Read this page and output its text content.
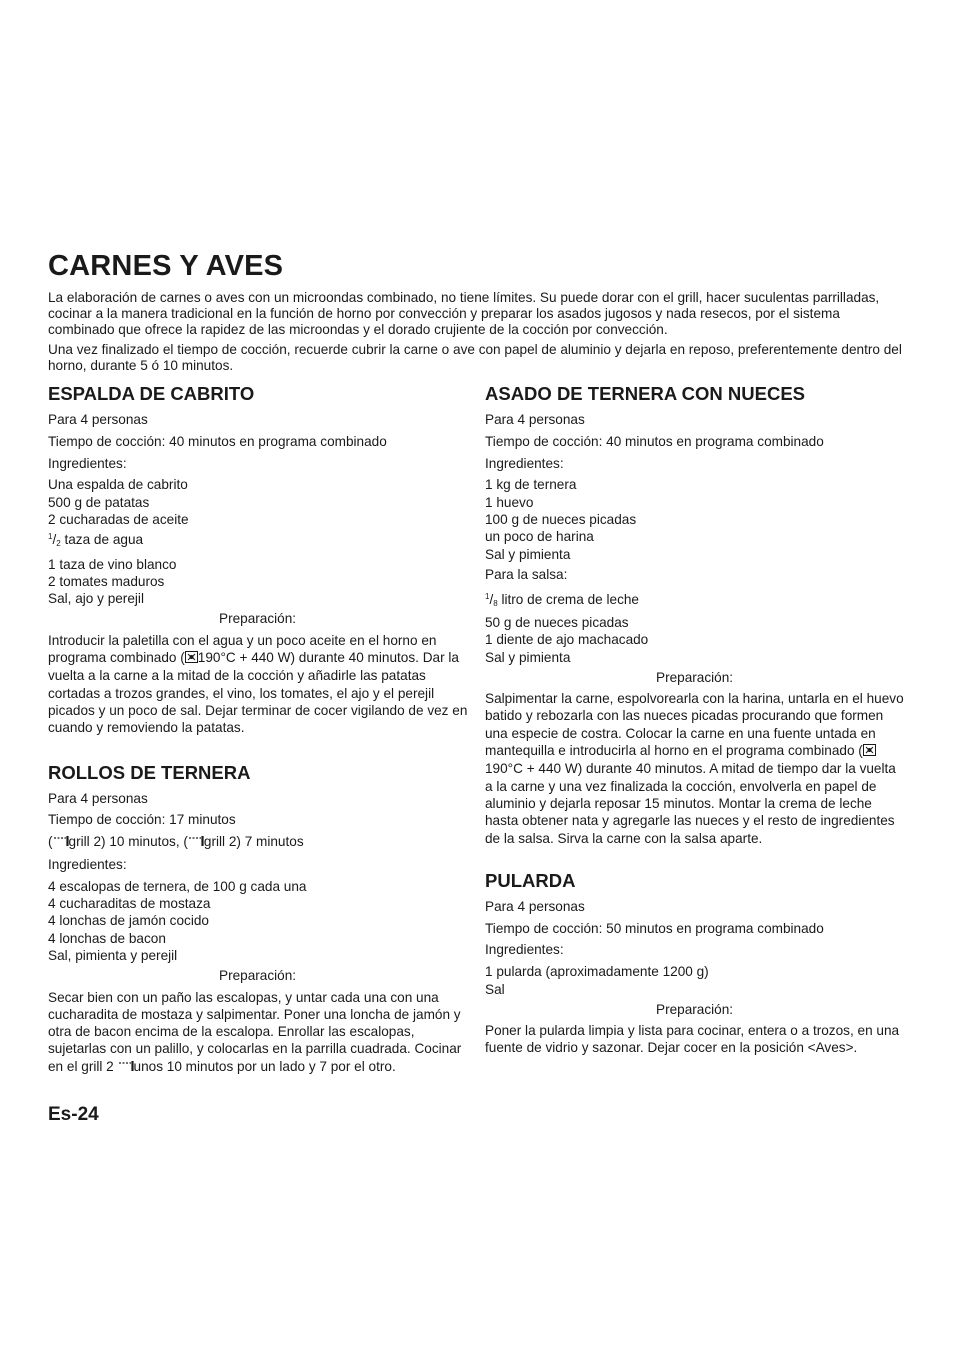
CARNES Y AVES

La elaboración de carnes o aves con un microondas combinado, no tiene límites. Su puede dorar con el grill, hacer suculentas parrilladas, cocinar a la manera tradicional en la función de horno por convección y preparar los asados jugosos y nada resecos, por el sistema combinado que ofrece la rapidez de las microondas y el dorado crujiente de la cocción por convección.

Una vez finalizado el tiempo de cocción, recuerde cubrir la carne o ave con papel de aluminio y dejarla en reposo, preferentemente dentro del horno, durante 5 ó 10 minutos.

ESPALDA DE CABRITO

Para 4 personas

Tiempo de cocción: 40 minutos en programa combinado

Ingredientes:

Una espalda de cabrito
500 g de patatas
2 cucharadas de aceite
$^1/_2$ taza de agua
1 taza de vino blanco
2 tomates maduros
Sal, ajo y perejil

Preparación:

Introducir la paletilla con el agua y un poco aceite en el horno en programa combinado ( 190°C + 440 W) durante 40 minutos. Dar la vuelta a la carne a la mitad de la cocción y añadirle las patatas cortadas a trozos grandes, el vino, los tomates, el ajo y el perejil picados y un poco de sal. Dejar terminar de cocer vigilando de vez en cuando y removiendo la patatas.

ROLLOS DE TERNERA

Para 4 personas

Tiempo de cocción: 17 minutos

( grill 2) 10 minutos, ( grill 2) 7 minutos

Ingredientes:

4 escalopas de ternera, de 100 g cada una
4 cucharaditas de mostaza
4 lonchas de jamón cocido
4 lonchas de bacon
Sal, pimienta y perejil

Preparación:

Secar bien con un paño las escalopas, y untar cada una con una cucharadita de mostaza y salpimentar. Poner una loncha de jamón y otra de bacon encima de la escalopa. Enrollar las escalopas, sujetarlas con un palillo, y colocarlas en la parrilla cuadrada. Cocinar en el grill 2 unos 10 minutos por un lado y 7 por el otro.

ASADO DE TERNERA CON NUECES

Para 4 personas

Tiempo de cocción: 40 minutos en programa combinado

Ingredientes:

1 kg de ternera
1 huevo
100 g de nueces picadas
un poco de harina
Sal y pimienta

Para la salsa:

$^1/_8$ litro de crema de leche
50 g de nueces picadas
1 diente de ajo machacado
Sal y pimienta

Preparación:

Salpimentar la carne, espolvorearla con la harina, untarla en el huevo batido y rebozarla con las nueces picadas procurando que formen una especie de costra. Colocar la carne en una fuente untada en mantequilla e introducirla al horno en el programa combinado (190°C + 440 W) durante 40 minutos. A mitad de tiempo dar la vuelta a la carne y una vez finalizada la cocción, envolverla en papel de aluminio y dejarla reposar 15 minutos. Montar la crema de leche hasta obtener nata y agregarle las nueces y el resto de ingredientes de la salsa. Sirva la carne con la salsa aparte.

PULARDA

Para 4 personas

Tiempo de cocción: 50 minutos en programa combinado

Ingredientes:

1 pularda (aproximadamente 1200 g)
Sal

Preparación:

Poner la pularda limpia y lista para cocinar, entera o a trozos, en una fuente de vidrio y sazonar. Dejar cocer en la posición <Aves>.

Es-24
